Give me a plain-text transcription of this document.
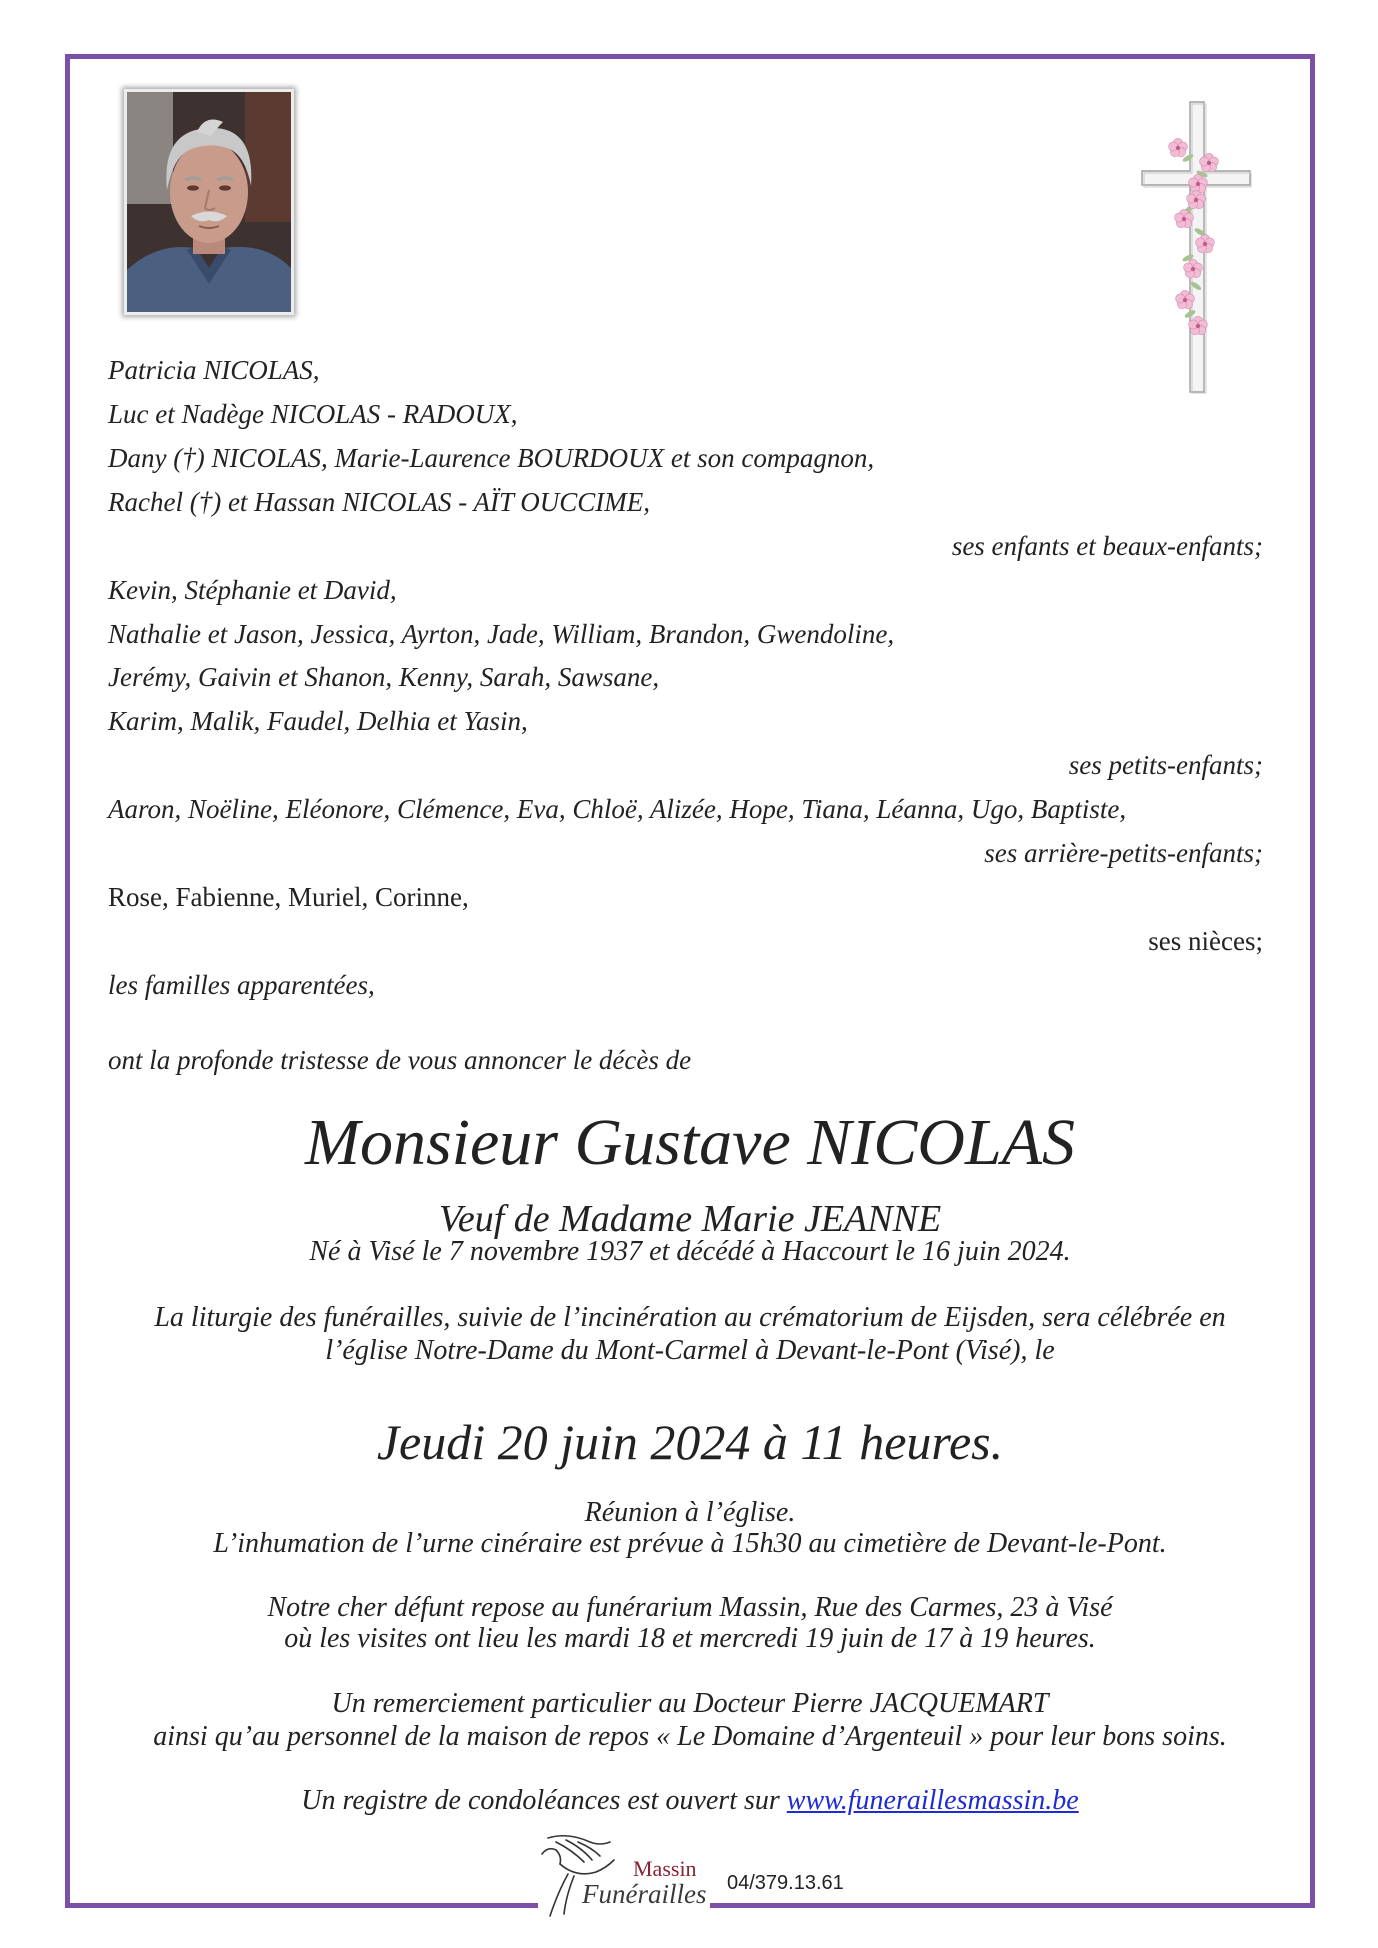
Patricia NICOLAS,
Luc et Nadège NICOLAS - RADOUX,
Dany (†) NICOLAS, Marie-Laurence BOURDOUX et son compagnon,
Rachel (†) et Hassan NICOLAS - AÏT OUCCIME,
ses enfants et beaux-enfants;
Kevin, Stéphanie et David,
Nathalie et Jason, Jessica, Ayrton, Jade, William, Brandon, Gwendoline,
Jerémy, Gaivin et Shanon, Kenny, Sarah, Sawsane,
Karim, Malik, Faudel, Delhia et Yasin,
ses petits-enfants;
Aaron, Noëline, Eléonore, Clémence, Eva, Chloë, Alizée, Hope, Tiana, Léanna, Ugo, Baptiste,
ses arrière-petits-enfants;
Rose, Fabienne, Muriel, Corinne,
ses nièces;
les familles apparentées,
ont la profonde tristesse de vous annoncer le décès de
Monsieur Gustave NICOLAS
Veuf de Madame Marie JEANNE
Né à Visé le 7 novembre 1937 et décédé à Haccourt le 16 juin 2024.
La liturgie des funérailles, suivie de l’incinération au crématorium de Eijsden, sera célébrée en
l’église Notre-Dame du Mont-Carmel à Devant-le-Pont (Visé), le
Jeudi 20 juin 2024 à 11 heures.
Réunion à l’église.
L’inhumation de l’urne cinéraire est prévue à 15h30 au cimetière de Devant-le-Pont.
Notre cher défunt repose au funérarium Massin, Rue des Carmes, 23 à Visé
où les visites ont lieu les mardi 18 et mercredi 19 juin de 17 à 19 heures.
Un remerciement particulier au Docteur Pierre JACQUEMART
ainsi qu’au personnel de la maison de repos « Le Domaine d’Argenteuil » pour leur bons soins.
Un registre de condoléances est ouvert sur www.funeraillesmassin.be
Massin
Funérailles 04/379.13.61
